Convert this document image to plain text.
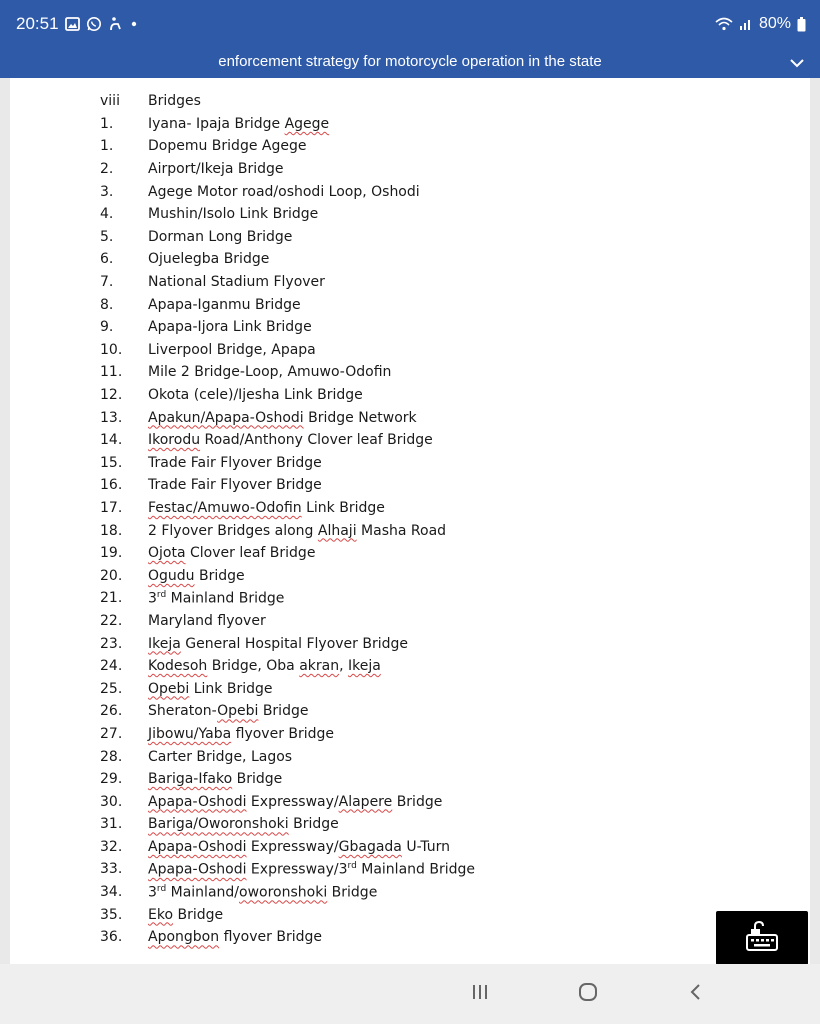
20:51	80%
enforcement strategy for motorcycle operation in the state
viii	Bridges
1.	Iyana- Ipaja Bridge Agege
1.	Dopemu Bridge Agege
2.	Airport/Ikeja Bridge
3.	Agege Motor road/oshodi Loop, Oshodi
4.	Mushin/Isolo Link Bridge
5.	Dorman Long Bridge
6.	Ojuelegba Bridge
7.	National Stadium Flyover
8.	Apapa-Iganmu Bridge
9.	Apapa-Ijora Link Bridge
10.	Liverpool Bridge, Apapa
11.	Mile 2 Bridge-Loop, Amuwo-Odofin
12.	Okota (cele)/Ijesha Link Bridge
13.	Apakun/Apapa-Oshodi Bridge Network
14.	Ikorodu Road/Anthony Clover leaf Bridge
15.	Trade Fair Flyover Bridge
16.	Trade Fair Flyover Bridge
17.	Festac/Amuwo-Odofin Link Bridge
18.	2 Flyover Bridges along Alhaji Masha Road
19.	Ojota Clover leaf Bridge
20.	Ogudu Bridge
21.	3rd Mainland Bridge
22.	Maryland flyover
23.	Ikeja General Hospital Flyover Bridge
24.	Kodesoh Bridge, Oba akran, Ikeja
25.	Opebi Link Bridge
26.	Sheraton-Opebi Bridge
27.	Jibowu/Yaba flyover Bridge
28.	Carter Bridge, Lagos
29.	Bariga-Ifako Bridge
30.	Apapa-Oshodi Expressway/Alapere Bridge
31.	Bariga/Oworonshoki Bridge
32.	Apapa-Oshodi Expressway/Gbagada U-Turn
33.	Apapa-Oshodi Expressway/3rd Mainland Bridge
34.	3rd Mainland/oworonshoki Bridge
35.	Eko Bridge
36.	Apongbon flyover Bridge
